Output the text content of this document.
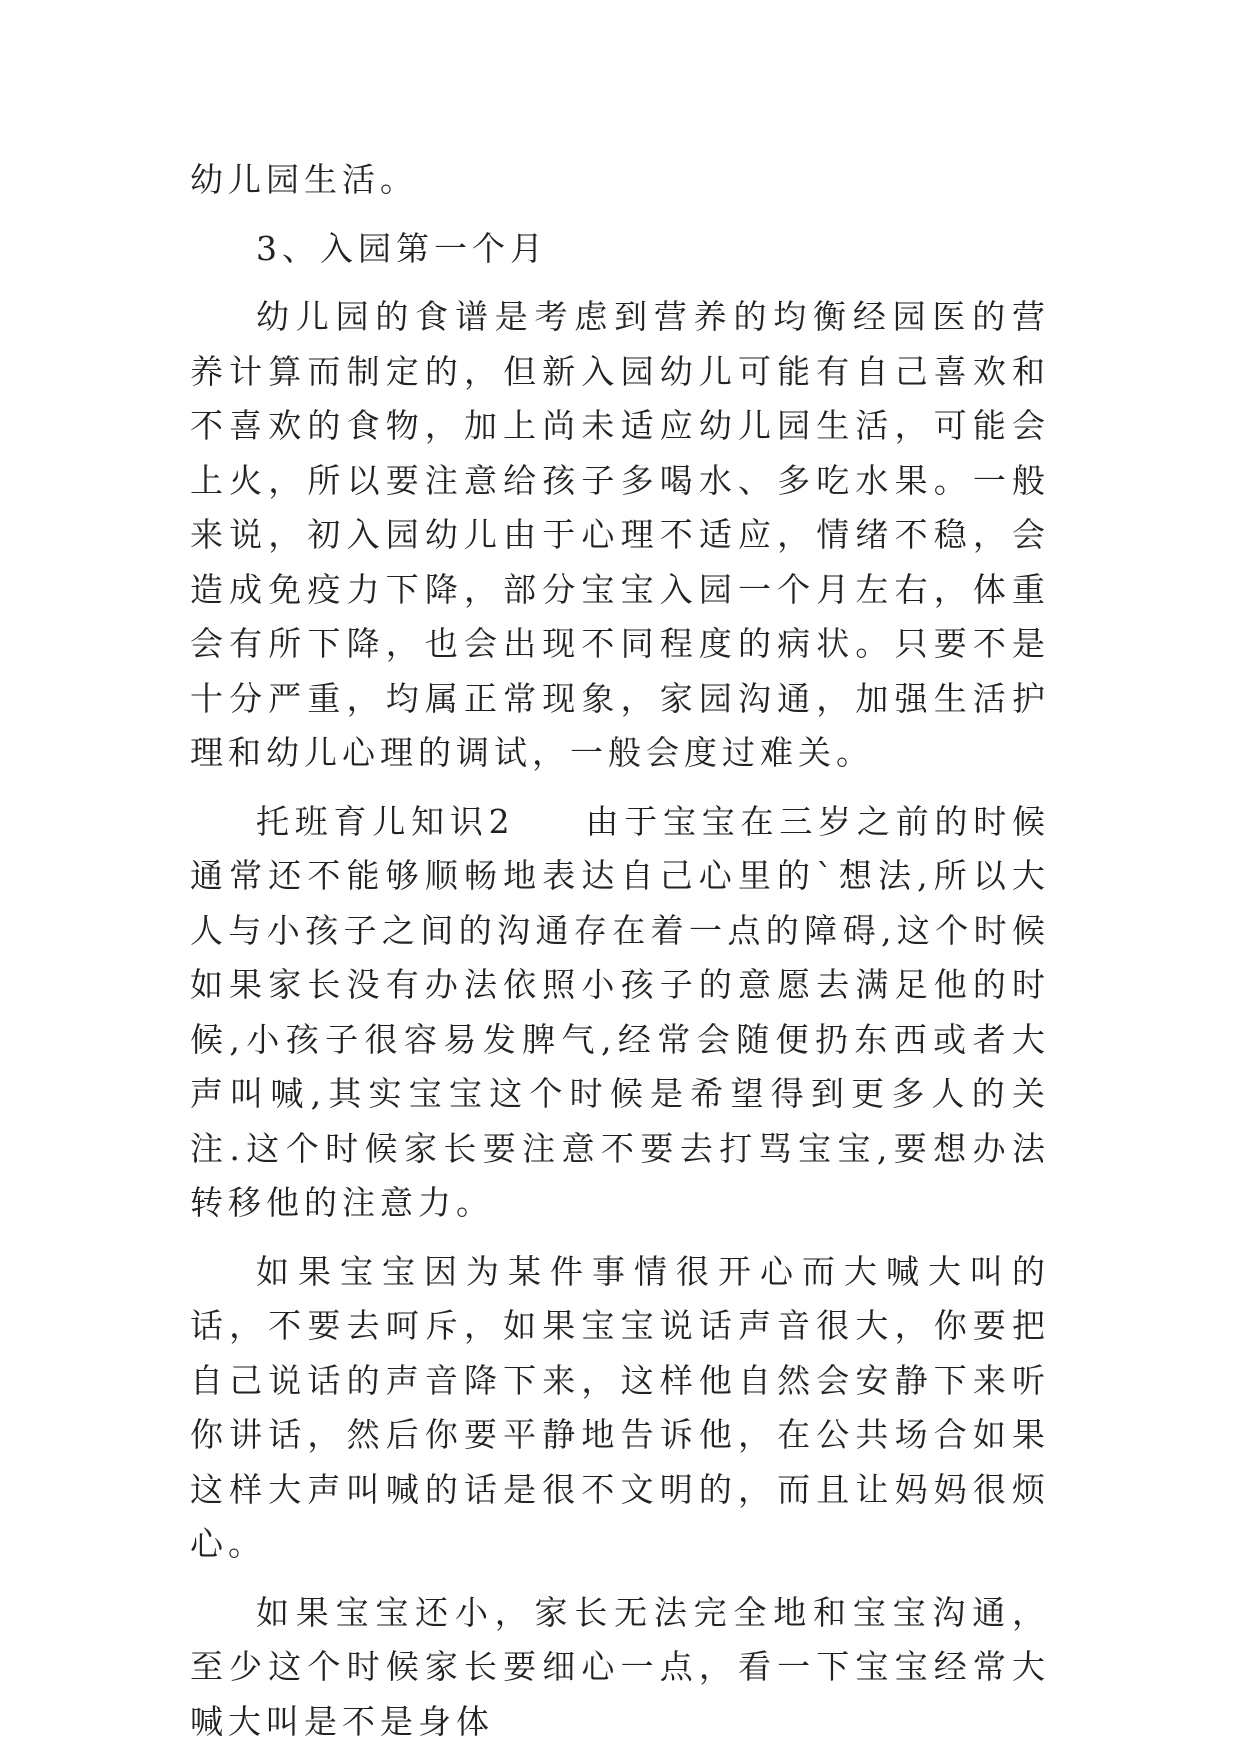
幼儿园生活。

3、入园第一个月

幼儿园的食谱是考虑到营养的均衡经园医的营养计算而制定的，但新入园幼儿可能有自己喜欢和不喜欢的食物，加上尚未适应幼儿园生活，可能会上火，所以要注意给孩子多喝水、多吃水果。一般来说，初入园幼儿由于心理不适应，情绪不稳，会造成免疫力下降，部分宝宝入园一个月左右，体重会有所下降，也会出现不同程度的病状。只要不是十分严重，均属正常现象，家园沟通，加强生活护理和幼儿心理的调试，一般会度过难关。

托班育儿知识2 由于宝宝在三岁之前的时候通常还不能够顺畅地表达自己心里的`想法,所以大人与小孩子之间的沟通存在着一点的障碍,这个时候如果家长没有办法依照小孩子的意愿去满足他的时候,小孩子很容易发脾气,经常会随便扔东西或者大声叫喊,其实宝宝这个时候是希望得到更多人的关注.这个时候家长要注意不要去打骂宝宝,要想办法转移他的注意力。

如果宝宝因为某件事情很开心而大喊大叫的话，不要去呵斥，如果宝宝说话声音很大，你要把自己说话的声音降下来，这样他自然会安静下来听你讲话，然后你要平静地告诉他，在公共场合如果这样大声叫喊的话是很不文明的，而且让妈妈很烦心。

如果宝宝还小，家长无法完全地和宝宝沟通，至少这个时候家长要细心一点，看一下宝宝经常大喊大叫是不是身体
